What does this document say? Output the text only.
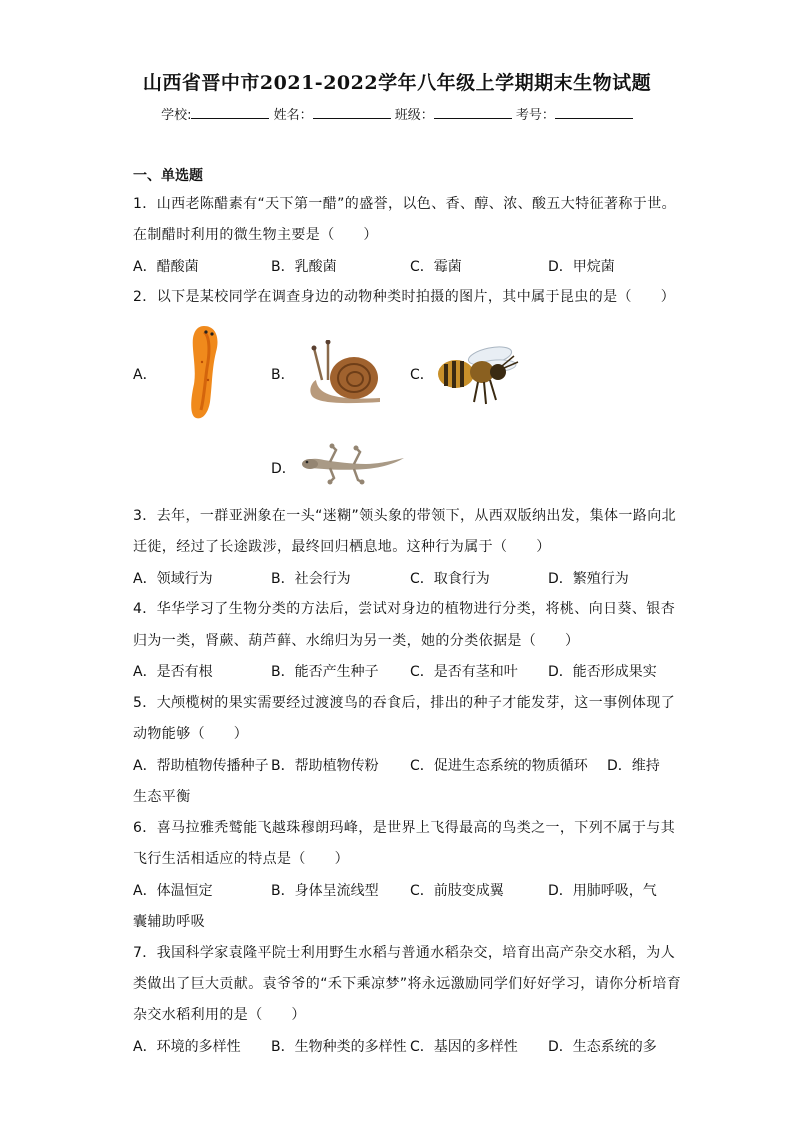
山西省晋中市2021-2022学年八年级上学期期末生物试题
学校:	姓名：	班级：	考号：
一、单选题
1．山西老陈醋素有“天下第一醋”的盛誉，以色、香、醇、浓、酸五大特征著称于世。
在制醋时利用的微生物主要是（　　）
A．醋酸菌	B．乳酸菌	C．霉菌	D．甲烷菌
2．以下是某校同学在调查身边的动物种类时拍摄的图片，其中属于昆虫的是（　　）
A．	B．	C．
D．
3．去年，一群亚洲象在一头“迷糊”领头象的带领下，从西双版纳出发，集体一路向北
迁徙，经过了长途跋涉，最终回归栖息地。这种行为属于（　　）
A．领域行为	B．社会行为	C．取食行为	D．繁殖行为
4．华华学习了生物分类的方法后，尝试对身边的植物进行分类，将桃、向日葵、银杏
归为一类，肾蕨、葫芦藓、水绵归为另一类，她的分类依据是（　　）
A．是否有根	B．能否产生种子 C．是否有茎和叶 D．能否形成果实
5．大颅榄树的果实需要经过渡渡鸟的吞食后，排出的种子才能发芽，这一事例体现了
动物能够（　　）
A．帮助植物传播种子 B．帮助植物传粉 C．促进生态系统的物质循环 D．维持
生态平衡
6．喜马拉雅秃鹫能飞越珠穆朗玛峰，是世界上飞得最高的鸟类之一，下列不属于与其
飞行生活相适应的特点是（　　）
A．体温恒定	B．身体呈流线型 C．前肢变成翼	D．用肺呼吸，气
囊辅助呼吸
7．我国科学家袁隆平院士利用野生水稻与普通水稻杂交，培育出高产杂交水稻，为人
类做出了巨大贡献。袁爷爷的“禾下乘凉梦”将永远激励同学们好好学习，请你分析培育
杂交水稻利用的是（　　）
A．环境的多样性 B．生物种类的多样性 C．基因的多样性 D．生态系统的多
